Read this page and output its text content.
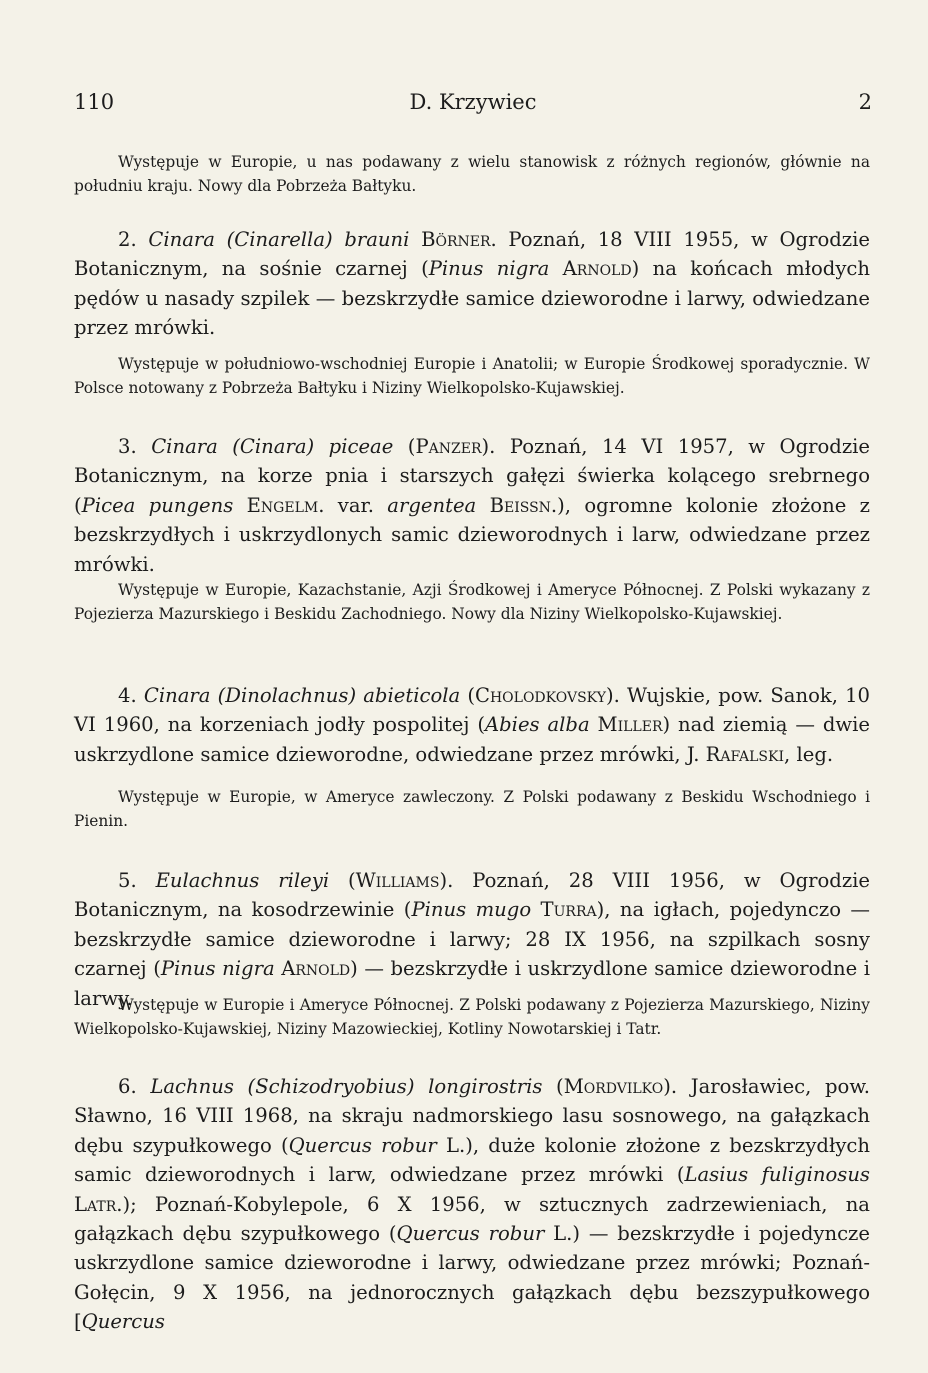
110	D. Krzywiec	2

Występuje w Europie, u nas podawany z wielu stanowisk z różnych regionów, głównie na południu kraju. Nowy dla Pobrzeża Bałtyku.

2. Cinara (Cinarella) brauni Börner. Poznań, 18 VIII 1955, w Ogrodzie Botanicznym, na sośnie czarnej (Pinus nigra Arnold) na końcach młodych pędów u nasady szpilek — bezskrzydłe samice dzieworodne i larwy, odwiedzane przez mrówki.

Występuje w południowo-wschodniej Europie i Anatolii; w Europie Środkowej sporadycznie. W Polsce notowany z Pobrzeża Bałtyku i Niziny Wielkopolsko-Kujawskiej.

3. Cinara (Cinara) piceae (Panzer). Poznań, 14 VI 1957, w Ogrodzie Botanicznym, na korze pnia i starszych gałęzi świerka kolącego srebrnego (Picea pungens Engelm. var. argentea Beissn.), ogromne kolonie złożone z bezskrzydłych i uskrzydlonych samic dzieworodnych i larw, odwiedzane przez mrówki.

Występuje w Europie, Kazachstanie, Azji Środkowej i Ameryce Północnej. Z Polski wykazany z Pojezierza Mazurskiego i Beskidu Zachodniego. Nowy dla Niziny Wielkopolsko-Kujawskiej.

4. Cinara (Dinolachnus) abieticola (Cholodkovsky). Wujskie, pow. Sanok, 10 VI 1960, na korzeniach jodły pospolitej (Abies alba Miller) nad ziemią — dwie uskrzydlone samice dzieworodne, odwiedzane przez mrówki, J. Rafalski, leg.

Występuje w Europie, w Ameryce zawleczony. Z Polski podawany z Beskidu Wschodniego i Pienin.

5. Eulachnus rileyi (Williams). Poznań, 28 VIII 1956, w Ogrodzie Botanicznym, na kosodrzewinie (Pinus mugo Turra), na igłach, pojedynczo — bezskrzydłe samice dzieworodne i larwy; 28 IX 1956, na szpilkach sosny czarnej (Pinus nigra Arnold) — bezskrzydłe i uskrzydlone samice dzieworodne i larwy.

Występuje w Europie i Ameryce Północnej. Z Polski podawany z Pojezierza Mazurskiego, Niziny Wielkopolsko-Kujawskiej, Niziny Mazowieckiej, Kotliny Nowotarskiej i Tatr.

6. Lachnus (Schizodryobius) longirostris (Mordvilko). Jarosławiec, pow. Sławno, 16 VIII 1968, na skraju nadmorskiego lasu sosnowego, na gałązkach dębu szypułkowego (Quercus robur L.), duże kolonie złożone z bezskrzydłych samic dzieworodnych i larw, odwiedzane przez mrówki (Lasius fuliginosus Latr.); Poznań-Kobylepole, 6 X 1956, w sztucznych zadrzewieniach, na gałązkach dębu szypułkowego (Quercus robur L.) — bezskrzydłe i pojedyncze uskrzydlone samice dzieworodne i larwy, odwiedzane przez mrówki; Poznań-Gołęcin, 9 X 1956, na jednorocznych gałązkach dębu bezszypułkowego [Quercus
